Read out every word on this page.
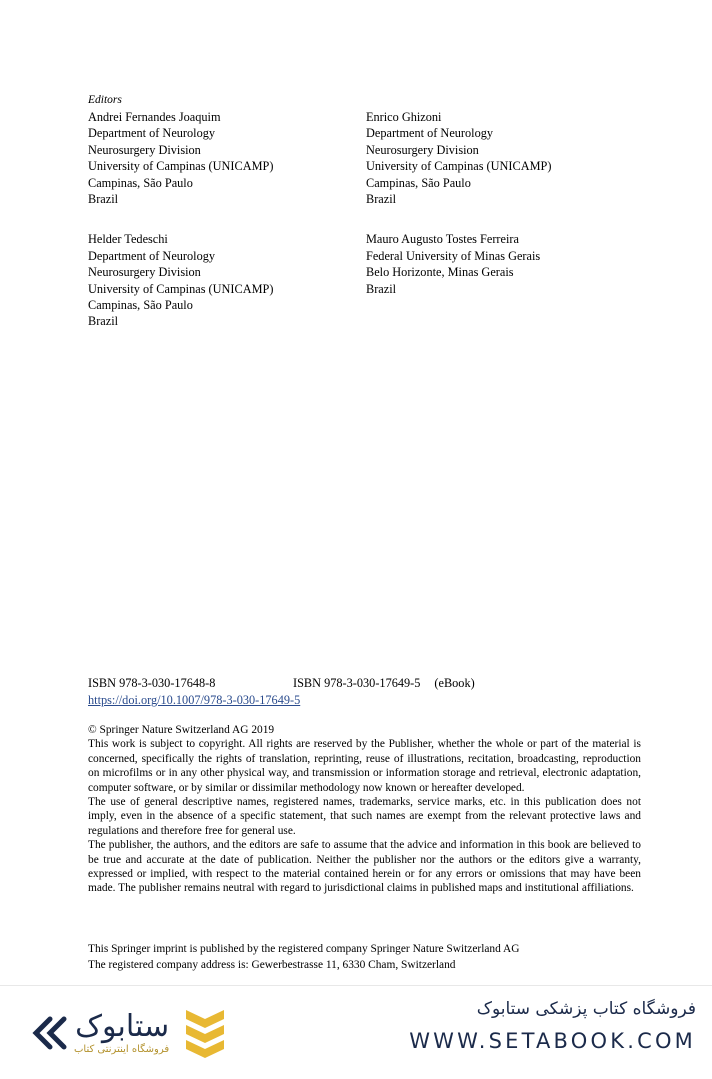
Editors
Andrei Fernandes Joaquim
Department of Neurology
Neurosurgery Division
University of Campinas (UNICAMP)
Campinas, São Paulo
Brazil
Helder Tedeschi
Department of Neurology
Neurosurgery Division
University of Campinas (UNICAMP)
Campinas, São Paulo
Brazil
Enrico Ghizoni
Department of Neurology
Neurosurgery Division
University of Campinas (UNICAMP)
Campinas, São Paulo
Brazil
Mauro Augusto Tostes Ferreira
Federal University of Minas Gerais
Belo Horizonte, Minas Gerais
Brazil
ISBN 978-3-030-17648-8	ISBN 978-3-030-17649-5 (eBook)
https://doi.org/10.1007/978-3-030-17649-5
© Springer Nature Switzerland AG 2019

This work is subject to copyright. All rights are reserved by the Publisher, whether the whole or part of the material is concerned, specifically the rights of translation, reprinting, reuse of illustrations, recitation, broadcasting, reproduction on microfilms or in any other physical way, and transmission or information storage and retrieval, electronic adaptation, computer software, or by similar or dissimilar methodology now known or hereafter developed.

The use of general descriptive names, registered names, trademarks, service marks, etc. in this publication does not imply, even in the absence of a specific statement, that such names are exempt from the relevant protective laws and regulations and therefore free for general use.

The publisher, the authors, and the editors are safe to assume that the advice and information in this book are believed to be true and accurate at the date of publication. Neither the publisher nor the authors or the editors give a warranty, expressed or implied, with respect to the material contained herein or for any errors or omissions that may have been made. The publisher remains neutral with regard to jurisdictional claims in published maps and institutional affiliations.

This Springer imprint is published by the registered company Springer Nature Switzerland AG
The registered company address is: Gewerbestrasse 11, 6330 Cham, Switzerland
ستابوک
فروشگاه اینترنتی کتاب
فروشگاه کتاب پزشکی ستابوک
WWW.SETABOOK.COM
